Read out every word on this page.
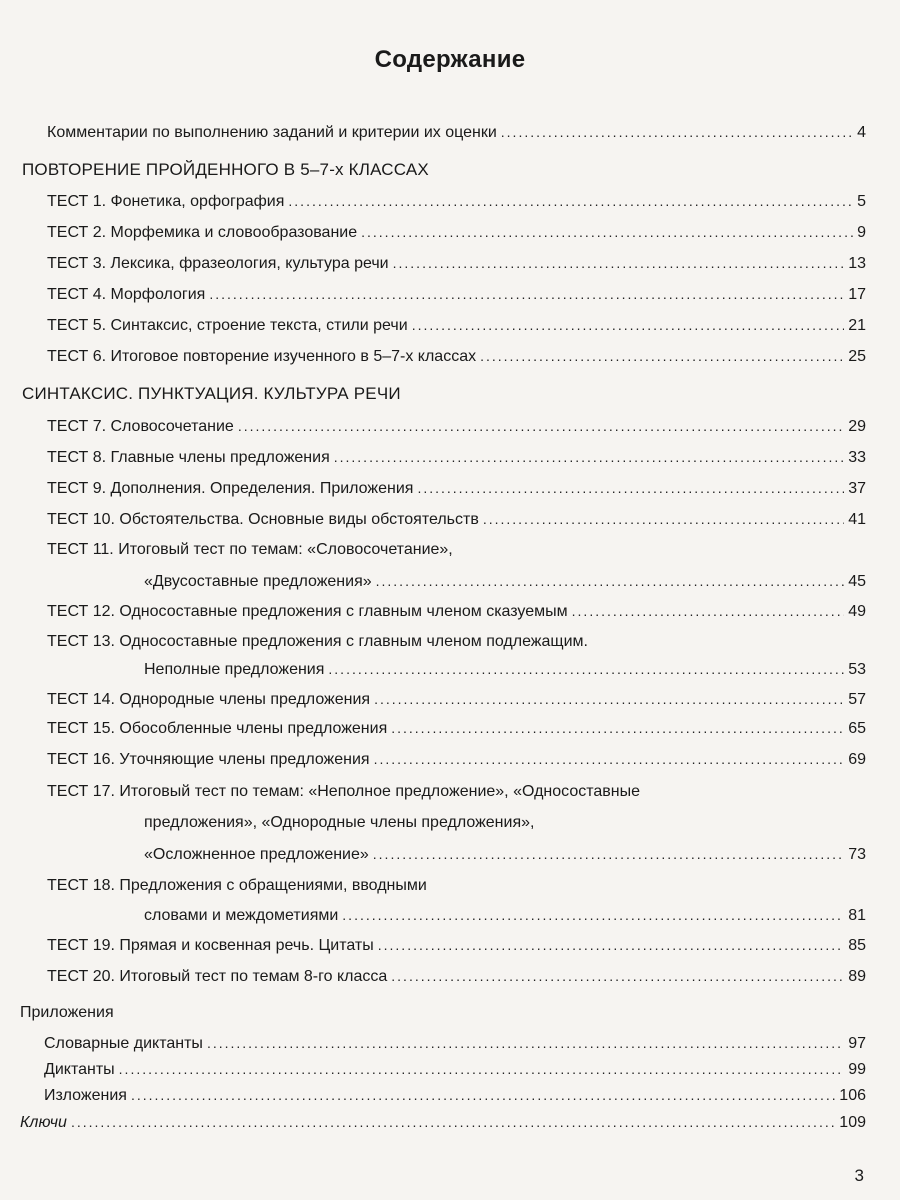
Содержание
Комментарии по выполнению заданий и критерии их оценки .....	4
ПОВТОРЕНИЕ ПРОЙДЕННОГО В 5–7-х КЛАССАХ
ТЕСТ 1. Фонетика, орфография .....	5
ТЕСТ 2. Морфемика и словообразование .....	9
ТЕСТ 3. Лексика, фразеология, культура речи .....	13
ТЕСТ 4. Морфология .....	17
ТЕСТ 5. Синтаксис, строение текста, стили речи .....	21
ТЕСТ 6. Итоговое повторение изученного в 5–7-х классах .....	25
СИНТАКСИС. ПУНКТУАЦИЯ. КУЛЬТУРА РЕЧИ
ТЕСТ 7. Словосочетание .....	29
ТЕСТ 8. Главные члены предложения .....	33
ТЕСТ 9. Дополнения. Определения. Приложения .....	37
ТЕСТ 10. Обстоятельства. Основные виды обстоятельств .....	41
ТЕСТ 11. Итоговый тест по темам: «Словосочетание»,
«Двусоставные предложения» .....	45
ТЕСТ 12. Односоставные предложения с главным членом сказуемым .....	49
ТЕСТ 13. Односоставные предложения с главным членом подлежащим.
Неполные предложения .....	53
ТЕСТ 14. Однородные члены предложения .....	57
ТЕСТ 15. Обособленные члены предложения .....	65
ТЕСТ 16. Уточняющие члены предложения .....	69
ТЕСТ 17. Итоговый тест по темам: «Неполное предложение», «Односоставные
предложения», «Однородные члены предложения»,
«Осложненное предложение» .....	73
ТЕСТ 18. Предложения с обращениями, вводными
словами и междометиями .....	81
ТЕСТ 19. Прямая и косвенная речь. Цитаты .....	85
ТЕСТ 20. Итоговый тест по темам 8-го класса .....	89
Приложения
Словарные диктанты .....	97
Диктанты .....	99
Изложения .....	106
Ключи .....	109
3
